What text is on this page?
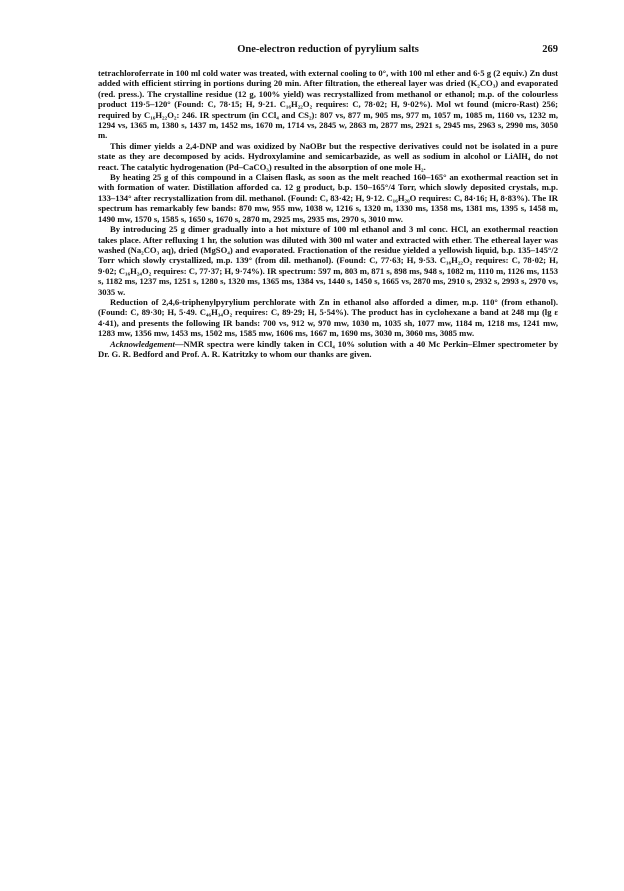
One-electron reduction of pyrylium salts	269

tetrachloroferrate in 100 ml cold water was treated, with external cooling to 0°, with 100 ml ether and 6·5 g (2 equiv.) Zn dust added with efficient stirring in portions during 20 min. After filtration, the ethereal layer was dried (K₂CO₃) and evaporated (red. press.). The crystalline residue (12 g, 100% yield) was recrystallized from methanol or ethanol; m.p. of the colourless product 119·5–120° (Found: C, 78·15; H, 9·21. C₁₆H₂₂O₂ requires: C, 78·02; H, 9·02%). Mol wt found (micro-Rast) 256; required by C₁₆H₂₂O₂: 246. IR spectrum (in CCl₄ and CS₂): 807 vs, 877 m, 905 ms, 977 m, 1057 m, 1085 m, 1160 vs, 1232 m, 1294 vs, 1365 m, 1380 s, 1437 m, 1452 ms, 1670 m, 1714 vs, 2845 w, 2863 m, 2877 ms, 2921 s, 2945 ms, 2963 s, 2990 ms, 3050 m.

This dimer yields a 2,4-DNP and was oxidized by NaOBr but the respective derivatives could not be isolated in a pure state as they are decomposed by acids. Hydroxylamine and semicarbazide, as well as sodium in alcohol or LiAlH₄ do not react. The catalytic hydrogenation (Pd–CaCO₃) resulted in the absorption of one mole H₂.

By heating 25 g of this compound in a Claisen flask, as soon as the melt reached 160–165° an exothermal reaction set in with formation of water. Distillation afforded ca. 12 g product, b.p. 150–165°/4 Torr, which slowly deposited crystals, m.p. 133–134° after recrystallization from dil. methanol. (Found: C, 83·42; H, 9·12. C₁₆H₂₀O requires: C, 84·16; H, 8·83%). The IR spectrum has remarkably few bands: 870 mw, 955 mw, 1038 w, 1216 s, 1320 m, 1330 ms, 1358 ms, 1381 ms, 1395 s, 1458 m, 1490 mw, 1570 s, 1585 s, 1650 s, 1670 s, 2870 m, 2925 ms, 2935 ms, 2970 s, 3010 mw.

By introducing 25 g dimer gradually into a hot mixture of 100 ml ethanol and 3 ml conc. HCl, an exothermal reaction takes place. After refluxing 1 hr, the solution was diluted with 300 ml water and extracted with ether. The ethereal layer was washed (Na₂CO₃ aq), dried (MgSO₄) and evaporated. Fractionation of the residue yielded a yellowish liquid, b.p. 135–145°/2 Torr which slowly crystallized, m.p. 139° (from dil. methanol). (Found: C, 77·63; H, 9·53. C₁₆H₂₂O₂ requires: C, 78·02; H, 9·02; C₁₆H₂₄O₂ requires: C, 77·37; H, 9·74%). IR spectrum: 597 m, 803 m, 871 s, 898 ms, 948 s, 1082 m, 1110 m, 1126 ms, 1153 s, 1182 ms, 1237 ms, 1251 s, 1280 s, 1320 ms, 1365 ms, 1384 vs, 1440 s, 1450 s, 1665 vs, 2870 ms, 2910 s, 2932 s, 2993 s, 2970 vs, 3035 w.

Reduction of 2,4,6-triphenylpyrylium perchlorate with Zn in ethanol also afforded a dimer, m.p. 110° (from ethanol). (Found: C, 89·30; H, 5·49. C₄₆H₃₄O₂ requires: C, 89·29; H, 5·54%). The product has in cyclohexane a band at 248 mμ (lg ε 4·41), and presents the following IR bands: 700 vs, 912 w, 970 mw, 1030 m, 1035 sh, 1077 mw, 1184 m, 1218 ms, 1241 mw, 1283 mw, 1356 mw, 1453 ms, 1502 ms, 1585 mw, 1606 ms, 1667 m, 1690 ms, 3030 m, 3060 ms, 3085 mw.

Acknowledgement—NMR spectra were kindly taken in CCl₄ 10% solution with a 40 Mc Perkin–Elmer spectrometer by Dr. G. R. Bedford and Prof. A. R. Katritzky to whom our thanks are given.
